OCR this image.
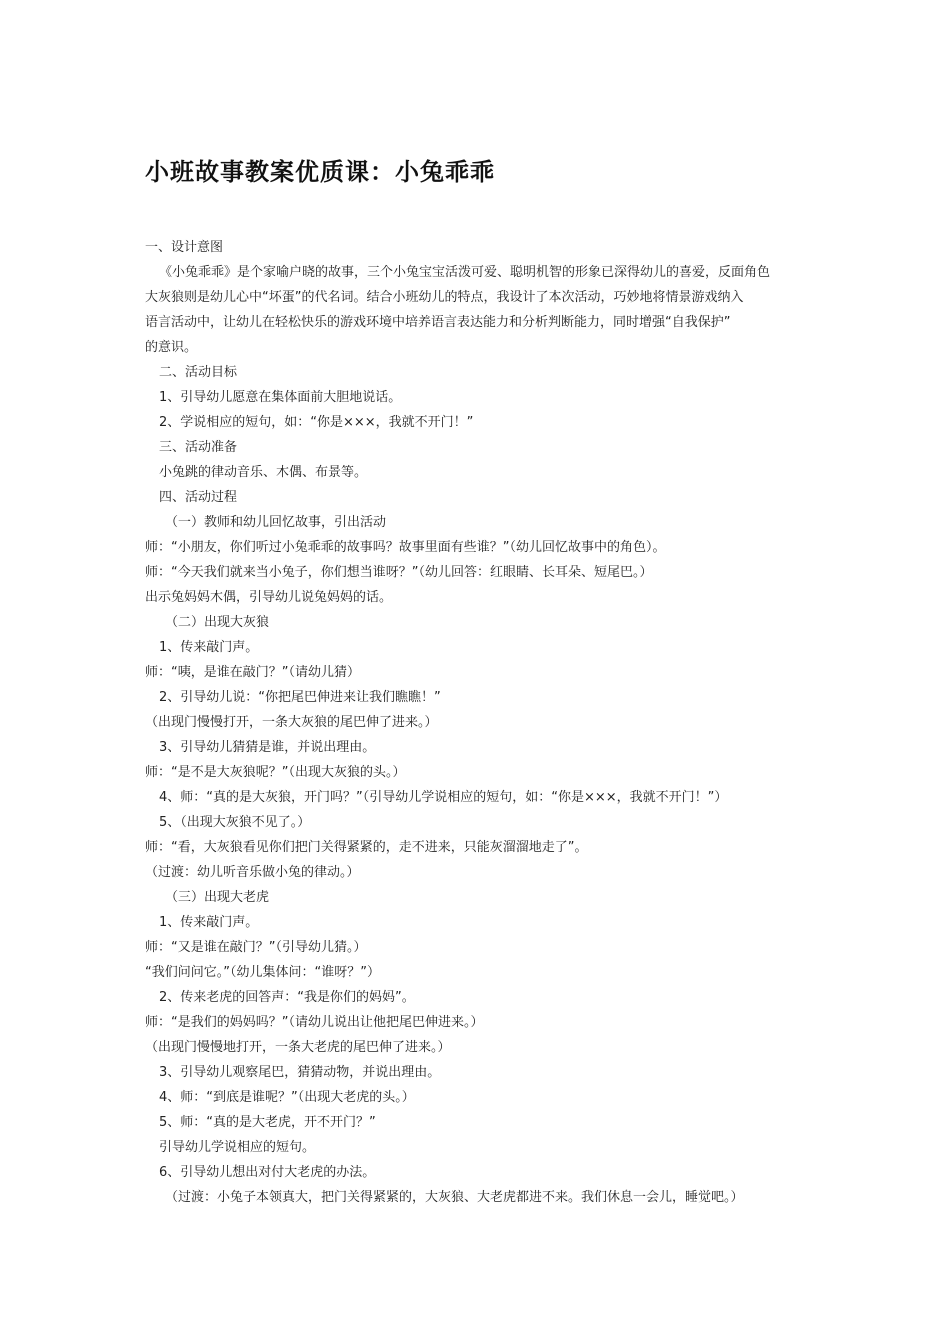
小班故事教案优质课：小兔乖乖
一、设计意图
《小兔乖乖》是个家喻户晓的故事，三个小兔宝宝活泼可爱、聪明机智的形象已深得幼儿的喜爱，反面角色
大灰狼则是幼儿心中“坏蛋”的代名词。结合小班幼儿的特点，我设计了本次活动，巧妙地将情景游戏纳入
语言活动中，让幼儿在轻松快乐的游戏环境中培养语言表达能力和分析判断能力，同时增强“自我保护”
的意识。
二、活动目标
1、引导幼儿愿意在集体面前大胆地说话。
2、学说相应的短句，如：“你是×××，我就不开门！”
三、活动准备
小兔跳的律动音乐、木偶、布景等。
四、活动过程
（一）教师和幼儿回忆故事，引出活动
师：“小朋友，你们听过小兔乖乖的故事吗？故事里面有些谁？”（幼儿回忆故事中的角色）。
师：“今天我们就来当小兔子，你们想当谁呀？”（幼儿回答：红眼睛、长耳朵、短尾巴。）
出示兔妈妈木偶，引导幼儿说兔妈妈的话。
（二）出现大灰狼
1、传来敲门声。
师：“咦，是谁在敲门？”（请幼儿猜）
2、引导幼儿说：“你把尾巴伸进来让我们瞧瞧！”
（出现门慢慢打开，一条大灰狼的尾巴伸了进来。）
3、引导幼儿猜猜是谁，并说出理由。
师：“是不是大灰狼呢？”（出现大灰狼的头。）
4、师：“真的是大灰狼，开门吗？”（引导幼儿学说相应的短句，如：“你是×××，我就不开门！”）
5、（出现大灰狼不见了。）
师：“看，大灰狼看见你们把门关得紧紧的，走不进来，只能灰溜溜地走了”。
（过渡：幼儿听音乐做小兔的律动。）
（三）出现大老虎
1、传来敲门声。
师：“又是谁在敲门？”（引导幼儿猜。）
“我们问问它。”（幼儿集体问：“谁呀？”）
2、传来老虎的回答声：“我是你们的妈妈”。
师：“是我们的妈妈吗？”（请幼儿说出让他把尾巴伸进来。）
（出现门慢慢地打开，一条大老虎的尾巴伸了进来。）
3、引导幼儿观察尾巴，猜猜动物，并说出理由。
4、师：“到底是谁呢？”（出现大老虎的头。）
5、师：“真的是大老虎，开不开门？”
引导幼儿学说相应的短句。
6、引导幼儿想出对付大老虎的办法。
（过渡：小兔子本领真大，把门关得紧紧的，大灰狼、大老虎都进不来。我们休息一会儿，睡觉吧。）
